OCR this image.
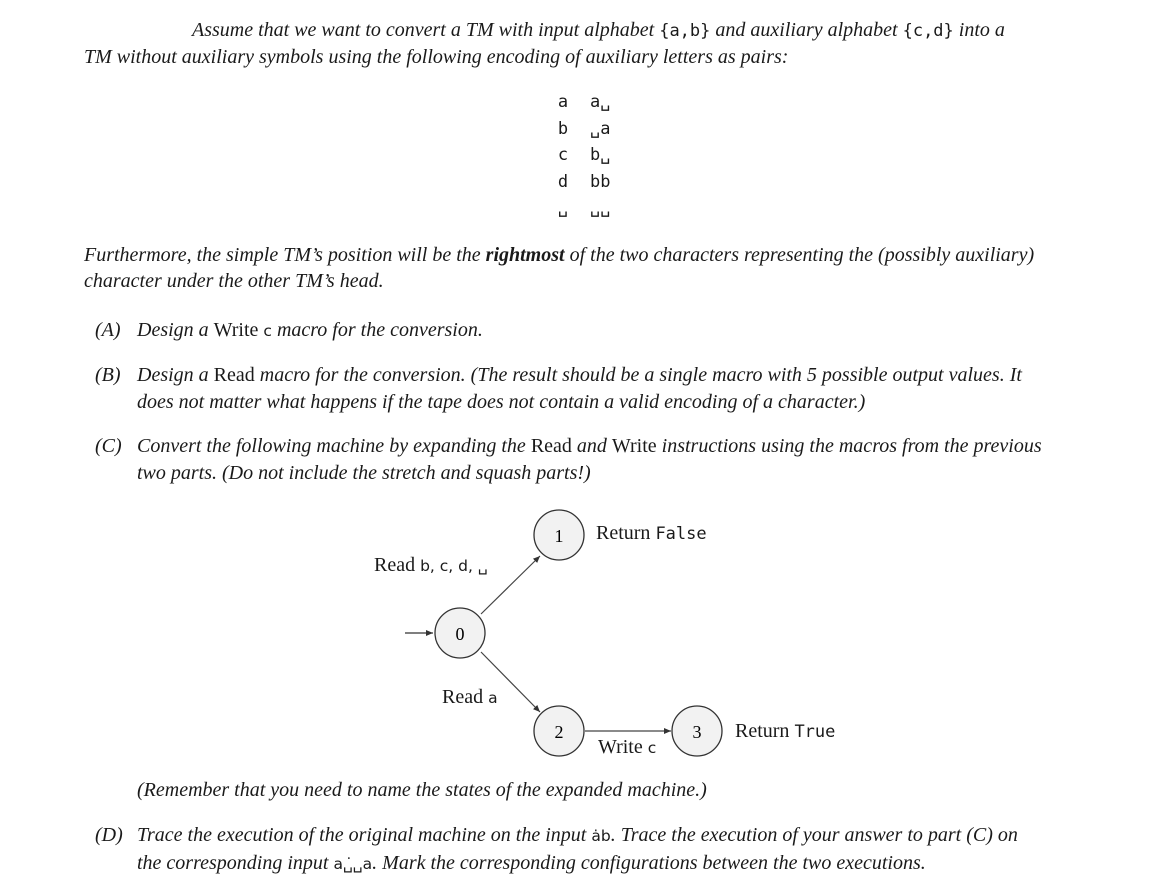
Assume that we want to convert a TM with input alphabet {a,b} and auxiliary alphabet {c,d} into a
TM without auxiliary symbols using the following encoding of auxiliary letters as pairs:
a	a␣
b	␣a
c	b␣
d	bb
␣	␣␣
Furthermore, the simple TM’s position will be the rightmost of the two characters representing the (possibly auxiliary)
character under the other TM’s head.
(A) Design a Write c macro for the conversion.
(B) Design a Read macro for the conversion. (The result should be a single macro with 5 possible output values. It
does not matter what happens if the tape does not contain a valid encoding of a character.)
(C) Convert the following machine by expanding the Read and Write instructions using the macros from the previous
two parts. (Do not include the stretch and squash parts!)
0
1
2	3
Return False
Read b, c, d, ␣
Read a
Write c
Return True
(Remember that you need to name the states of the expanded machine.)
(D) Trace the execution of the original machine on the input ȧb. Trace the execution of your answer to part (C) on
the corresponding input a␣̇␣a. Mark the corresponding configurations between the two executions.
